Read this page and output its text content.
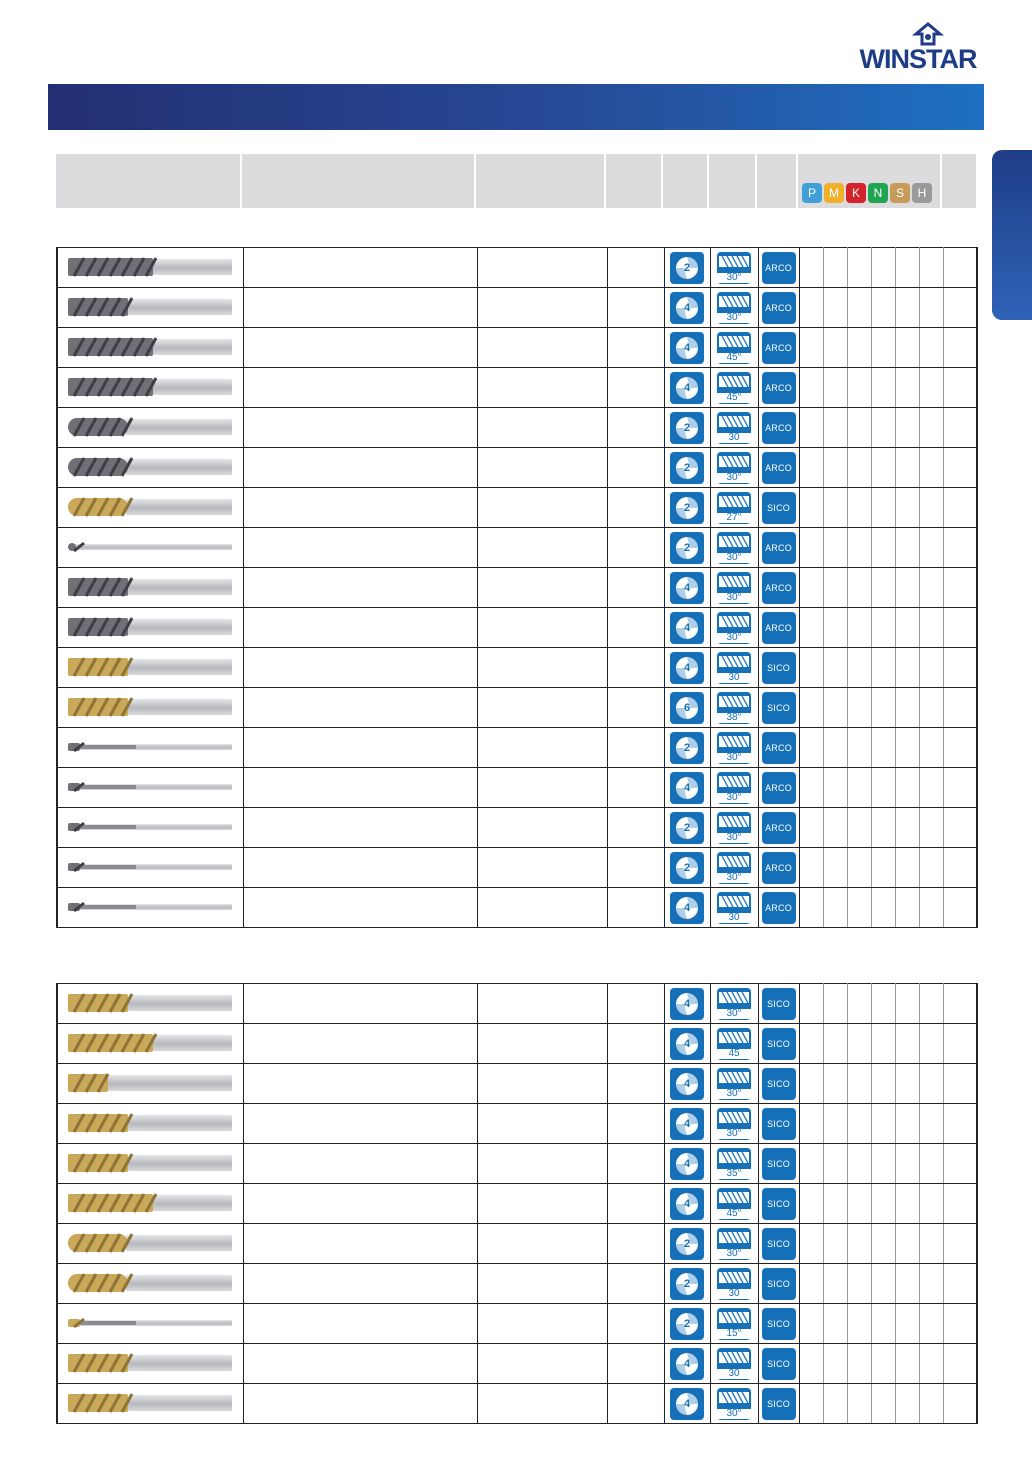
WINSTAR
P	M	K	N	S	H

2	30°	ARCO							

4	30°	ARCO							

4	45°	ARCO							

4	45°	ARCO							

2	30	ARCO							

2	30°	ARCO							

2	27°	SICO							

2	30°	ARCO							

4	30°	ARCO							

4	30°	ARCO							

4	30	SICO							

6	38°	SICO							

2	30°	ARCO							

4	30°	ARCO							

2	30°	ARCO							

2	30°	ARCO							

4	30	ARCO							

4	30°	SICO							

4	45	SICO							

4	30°	SICO							

4	30°	SICO							

4	35°	SICO							

4	45°	SICO							

2	30°	SICO							

2	30	SICO							

2	15°	SICO							

4	30	SICO							

4	30°	SICO							
